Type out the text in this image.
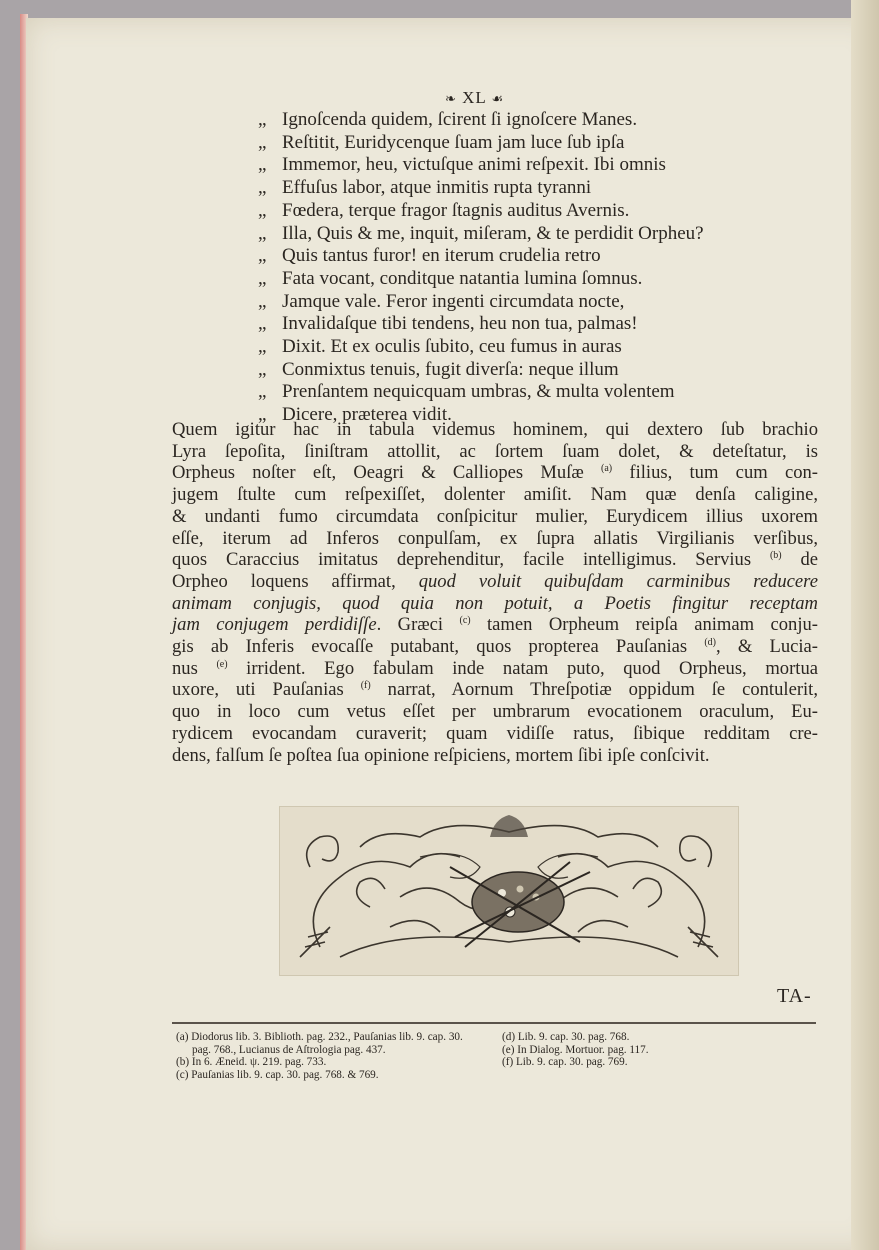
❧ XL ☙
„ Ignoſcenda quidem, ſcirent ſi ignoſcere Manes.
„ Reſtitit, Euridycenque ſuam jam luce ſub ipſa
„ Immemor, heu, victuſque animi reſpexit. Ibi omnis
„ Effuſus labor, atque inmitis rupta tyranni
„ Fœdera, terque fragor ſtagnis auditus Avernis.
„ Illa, Quis & me, inquit, miſeram, & te perdidit Orpheu?
„ Quis tantus furor! en iterum crudelia retro
„ Fata vocant, conditque natantia lumina ſomnus.
„ Jamque vale. Feror ingenti circumdata nocte,
„ Invalidaſque tibi tendens, heu non tua, palmas!
„ Dixit. Et ex oculis ſubito, ceu fumus in auras
„ Conmixtus tenuis, fugit diverſa: neque illum
„ Prenſantem nequicquam umbras, & multa volentem
„ Dicere, præterea vidit.
Quem igitur hac in tabula videmus hominem, qui dextero ſub brachio
Lyra ſepoſita, ſiniſtram attollit, ac ſortem ſuam dolet, & deteſtatur, is
Orpheus noſter eſt, Oeagri & Calliopes Muſæ $^{(a)}$ filius, tum cum con-
jugem ſtulte cum reſpexiſſet, dolenter amiſit. Nam quæ denſa caligine,
& undanti fumo circumdata conſpicitur mulier, Eurydicem illius uxorem
eſſe, iterum ad Inferos conpulſam, ex ſupra allatis Virgilianis verſibus,
quos Caraccius imitatus deprehenditur, facile intelligimus. Servius $^{(b)}$ de
Orpheo loquens affirmat, quod voluit quibuſdam carminibus reducere
animam conjugis, quod quia non potuit, a Poetis fingitur receptam
jam conjugem perdidiſſe. Græci $^{(c)}$ tamen Orpheum reipſa animam conju-
gis ab Inferis evocaſſe putabant, quos propterea Pauſanias $^{(d)}$, & Lucia-
nus $^{(e)}$ irrident. Ego fabulam inde natam puto, quod Orpheus, mortua
uxore, uti Pauſanias $^{(f)}$ narrat, Aornum Threſpotiæ oppidum ſe contulerit,
quo in loco cum vetus eſſet per umbrarum evocationem oraculum, Eu-
rydicem evocandam curaverit; quam vidiſſe ratus, ſibique redditam cre-
dens, falſum ſe poſtea ſua opinione reſpiciens, mortem ſibi ipſe conſcivit.
TA-
(a) Diodorus lib. 3. Biblioth. pag. 232., Pauſanias lib. 9. cap. 30.
pag. 768., Lucianus de Aſtrologia pag. 437.
(b) In 6. Æneid. ψ. 219. pag. 733.
(c) Pauſanias lib. 9. cap. 30. pag. 768. & 769.
(d) Lib. 9. cap. 30. pag. 768.
(e) In Dialog. Mortuor. pag. 117.
(f) Lib. 9. cap. 30. pag. 769.
